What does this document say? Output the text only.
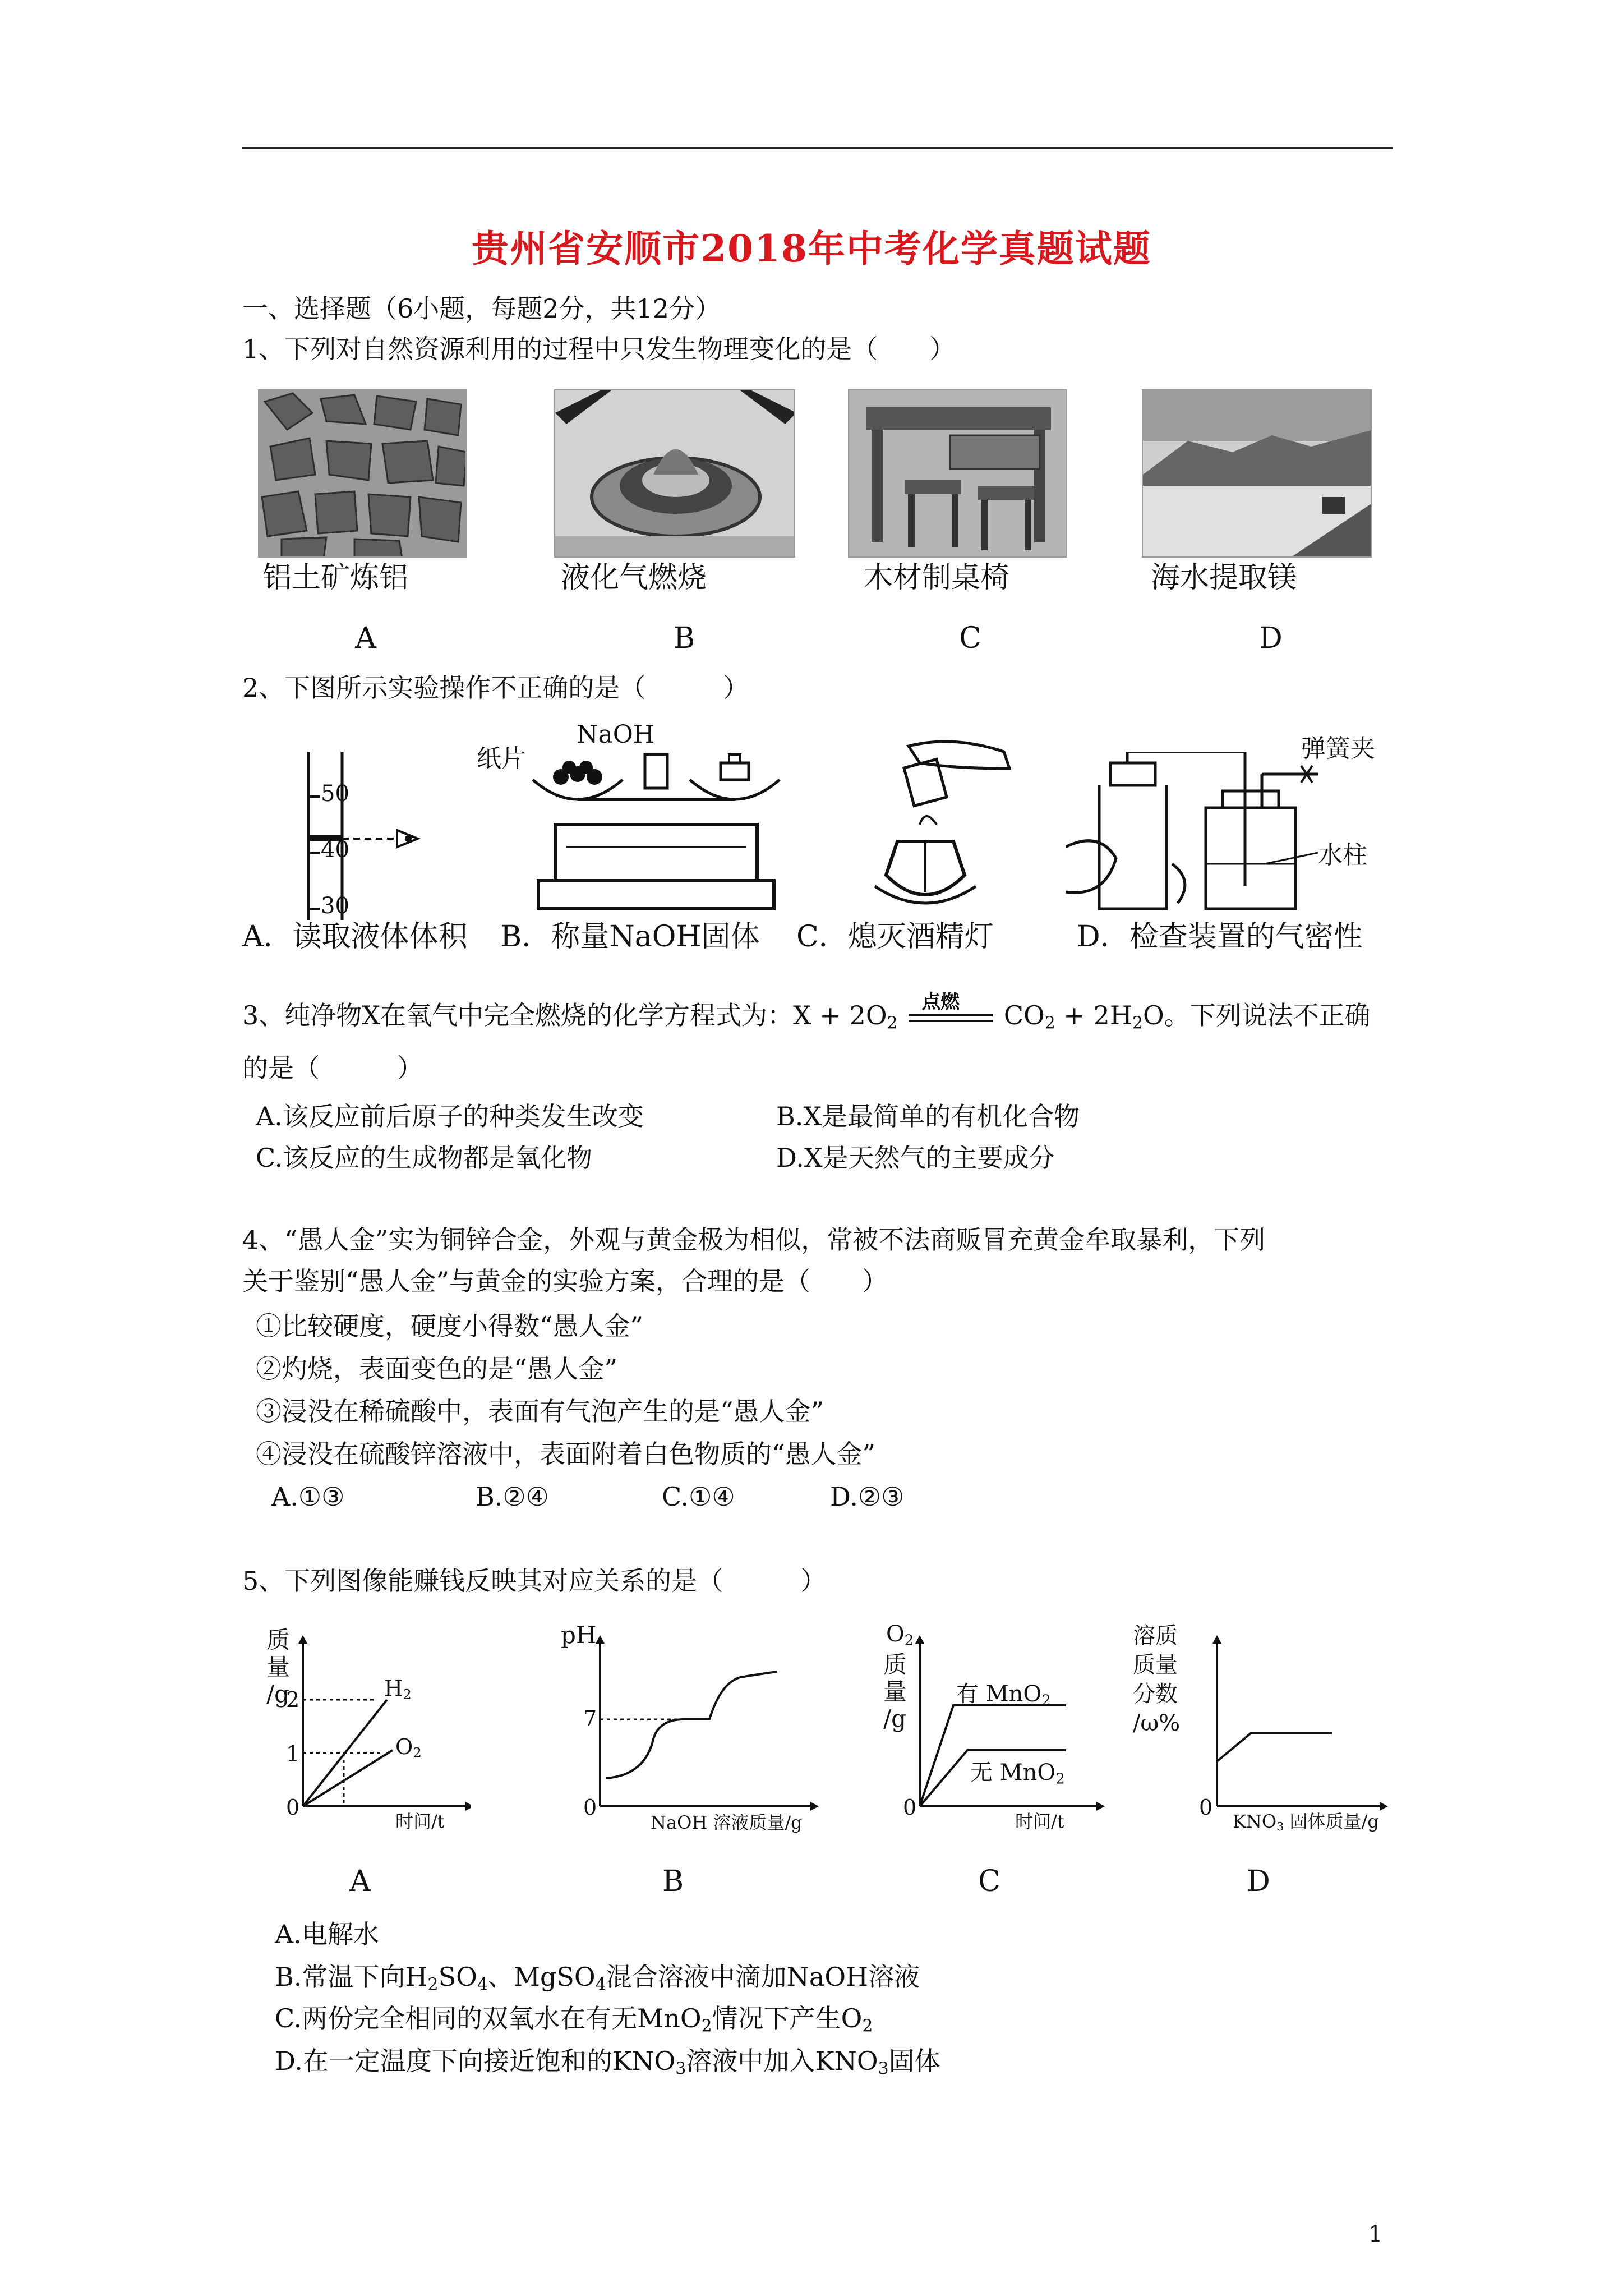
贵州省安顺市2018年中考化学真题试题
一、选择题（6小题，每题2分，共12分）
1、下列对自然资源利用的过程中只发生物理变化的是（　　）
铝土矿炼铝	液化气燃烧	木材制桌椅	海水提取镁
A	B	C	D
2、下图所示实验操作不正确的是（　　　）
50
40
30
NaOH
纸片	弹簧夹
水柱
A．读取液体体积 B．称量NaOH固体 C．熄灭酒精灯	D．检查装置的气密性
3、纯净物X在氧气中完全燃烧的化学方程式为：$X + 2O_2$
点燃 $CO_2 + 2H_2O$。下列说法不正确
的是（　　　）
A.该反应前后原子的种类发生改变	B.X是最简单的有机化合物
C.该反应的生成物都是氧化物	D.X是天然气的主要成分
4、“愚人金”实为铜锌合金，外观与黄金极为相似，常被不法商贩冒充黄金牟取暴利，下列
关于鉴别“愚人金”与黄金的实验方案，合理的是（　　）
①比较硬度，硬度小得数“愚人金”
②灼烧，表面变色的是“愚人金”
③浸没在稀硫酸中，表面有气泡产生的是“愚人金”
④浸没在硫酸锌溶液中，表面附着白色物质的“愚人金”
A.①③	B.②④	C.①④	D.②③
5、下列图像能赚钱反映其对应关系的是（　　　）
质
量
/g
2
1
0
$H_2$
$O_2$
时间/t
pH
7
0
NaOH 溶液质量/g
$O_2$
质
量
/g
0
有 MnO$_2$
无 MnO$_2$
时间/t
溶质
质量
分数
/ω%
0
$KNO_3$ 固体质量/g
A	B	C	D
A.电解水
B.常温下向$H_2SO_4$、MgSO$_4$混合溶液中滴加NaOH溶液
C.两份完全相同的双氧水在有无MnO$_2$情况下产生$O_2$
D.在一定温度下向接近饱和的$KNO_3$溶液中加入$KNO_3$固体
1
